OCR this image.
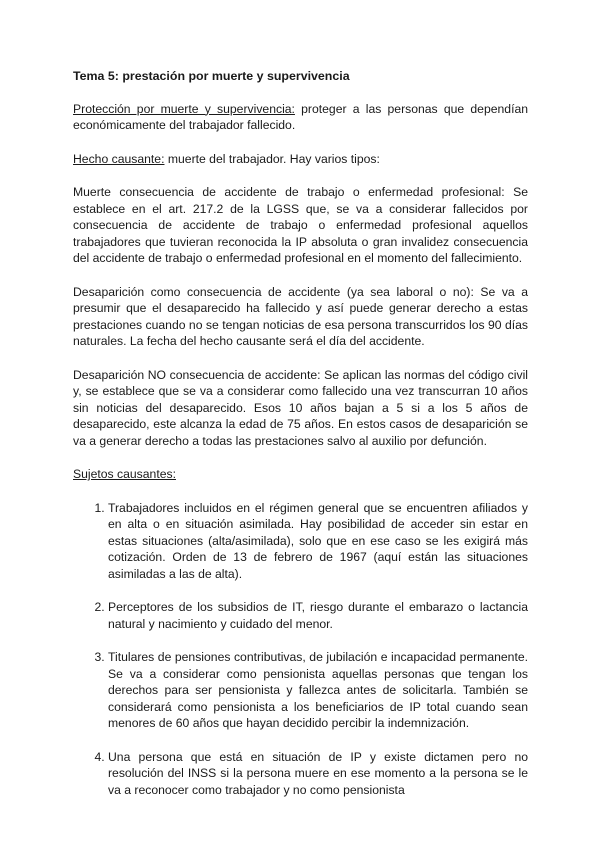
Tema 5: prestación por muerte y supervivencia

Protección por muerte y supervivencia: proteger a las personas que dependían económicamente del trabajador fallecido.

Hecho causante: muerte del trabajador. Hay varios tipos:

Muerte consecuencia de accidente de trabajo o enfermedad profesional: Se establece en el art. 217.2 de la LGSS que, se va a considerar fallecidos por consecuencia de accidente de trabajo o enfermedad profesional aquellos trabajadores que tuvieran reconocida la IP absoluta o gran invalidez consecuencia del accidente de trabajo o enfermedad profesional en el momento del fallecimiento.

Desaparición como consecuencia de accidente (ya sea laboral o no): Se va a presumir que el desaparecido ha fallecido y así puede generar derecho a estas prestaciones cuando no se tengan noticias de esa persona transcurridos los 90 días naturales. La fecha del hecho causante será el día del accidente.

Desaparición NO consecuencia de accidente: Se aplican las normas del código civil y, se establece que se va a considerar como fallecido una vez transcurran 10 años sin noticias del desaparecido. Esos 10 años bajan a 5 si a los 5 años de desaparecido, este alcanza la edad de 75 años. En estos casos de desaparición se va a generar derecho a todas las prestaciones salvo al auxilio por defunción.

Sujetos causantes:
1. Trabajadores incluidos en el régimen general que se encuentren afiliados y en alta o en situación asimilada. Hay posibilidad de acceder sin estar en estas situaciones (alta/asimilada), solo que en ese caso se les exigirá más cotización. Orden de 13 de febrero de 1967 (aquí están las situaciones asimiladas a las de alta).
2. Perceptores de los subsidios de IT, riesgo durante el embarazo o lactancia natural y nacimiento y cuidado del menor.
3. Titulares de pensiones contributivas, de jubilación e incapacidad permanente. Se va a considerar como pensionista aquellas personas que tengan los derechos para ser pensionista y fallezca antes de solicitarla. También se considerará como pensionista a los beneficiarios de IP total cuando sean menores de 60 años que hayan decidido percibir la indemnización.
4. Una persona que está en situación de IP y existe dictamen pero no resolución del INSS si la persona muere en ese momento a la persona se le va a reconocer como trabajador y no como pensionista
